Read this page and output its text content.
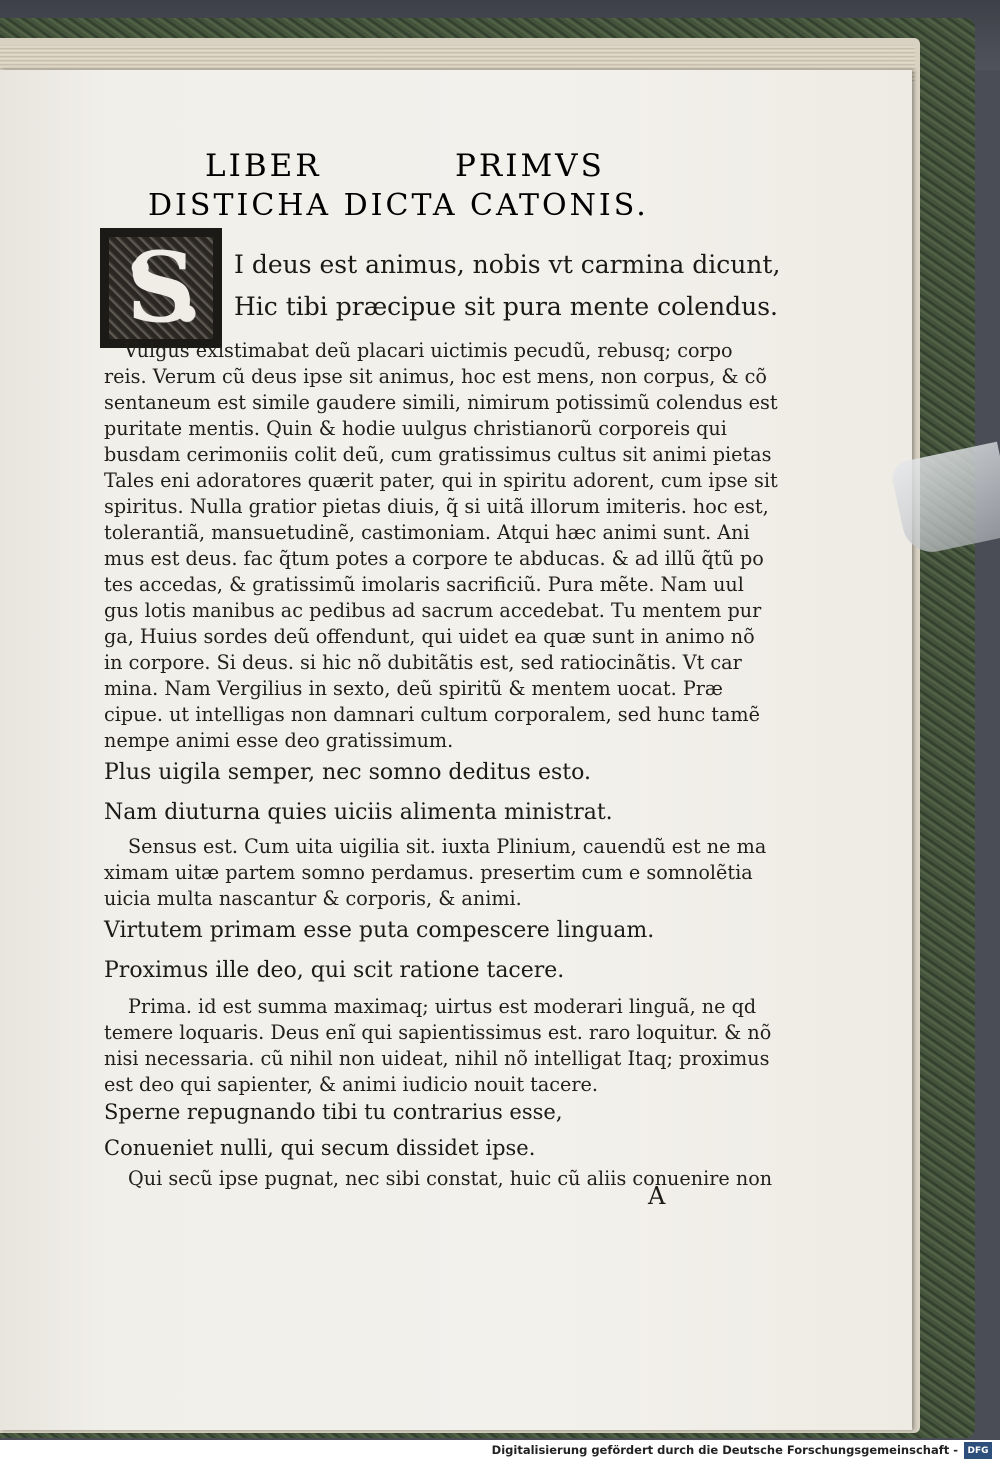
LIBER	PRIMVS
DISTICHA DICTA CATONIS.
S	I deus est animus, nobis vt carmina dicunt,
Hic tibi præcipue sit pura mente colendus.
Vulgus existimabat deũ placari uictimis pecudũ, rebusq; corpo
reis. Verum cũ deus ipse sit animus, hoc est mens, non corpus, & cõ
sentaneum est simile gaudere simili, nimirum potissimũ colendus est
puritate mentis. Quin & hodie uulgus christianorũ corporeis qui
busdam cerimoniis colit deũ, cum gratissimus cultus sit animi pietas
Tales eni adoratores quærit pater, qui in spiritu adorent, cum ipse sit
spiritus. Nulla gratior pietas diuis, q̃ si uitã illorum imiteris. hoc est,
tolerantiã, mansuetudinẽ, castimoniam. Atqui hæc animi sunt. Ani
mus est deus. fac q̃tum potes a corpore te abducas. & ad illũ q̃tũ po
tes accedas, & gratissimũ imolaris sacrificiũ. Pura mẽte. Nam uul
gus lotis manibus ac pedibus ad sacrum accedebat. Tu mentem pur
ga, Huius sordes deũ offendunt, qui uidet ea quæ sunt in animo nõ
in corpore. Si deus. si hic nõ dubitãtis est, sed ratiocinãtis. Vt car
mina. Nam Vergilius in sexto, deũ spiritũ & mentem uocat. Præ
cipue. ut intelligas non damnari cultum corporalem, sed hunc tamẽ
nempe animi esse deo gratissimum.
Plus uigila semper, nec somno deditus esto.
Nam diuturna quies uiciis alimenta ministrat.
Sensus est. Cum uita uigilia sit. iuxta Plinium, cauendũ est ne ma
ximam uitæ partem somno perdamus. presertim cum e somnolẽtia
uicia multa nascantur & corporis, & animi.
Virtutem primam esse puta compescere linguam.
Proximus ille deo, qui scit ratione tacere.
Prima. id est summa maximaq; uirtus est moderari linguã, ne qd
temere loquaris. Deus enĩ qui sapientissimus est. raro loquitur. & nõ
nisi necessaria. cũ nihil non uideat, nihil nõ intelligat Itaq; proximus
est deo qui sapienter, & animi iudicio nouit tacere.
Sperne repugnando tibi tu contrarius esse,
Conueniet nulli, qui secum dissidet ipse.
Qui secũ ipse pugnat, nec sibi constat, huic cũ aliis conuenire non
A
Digitalisierung gefördert durch die Deutsche Forschungsgemeinschaft -	DFG
